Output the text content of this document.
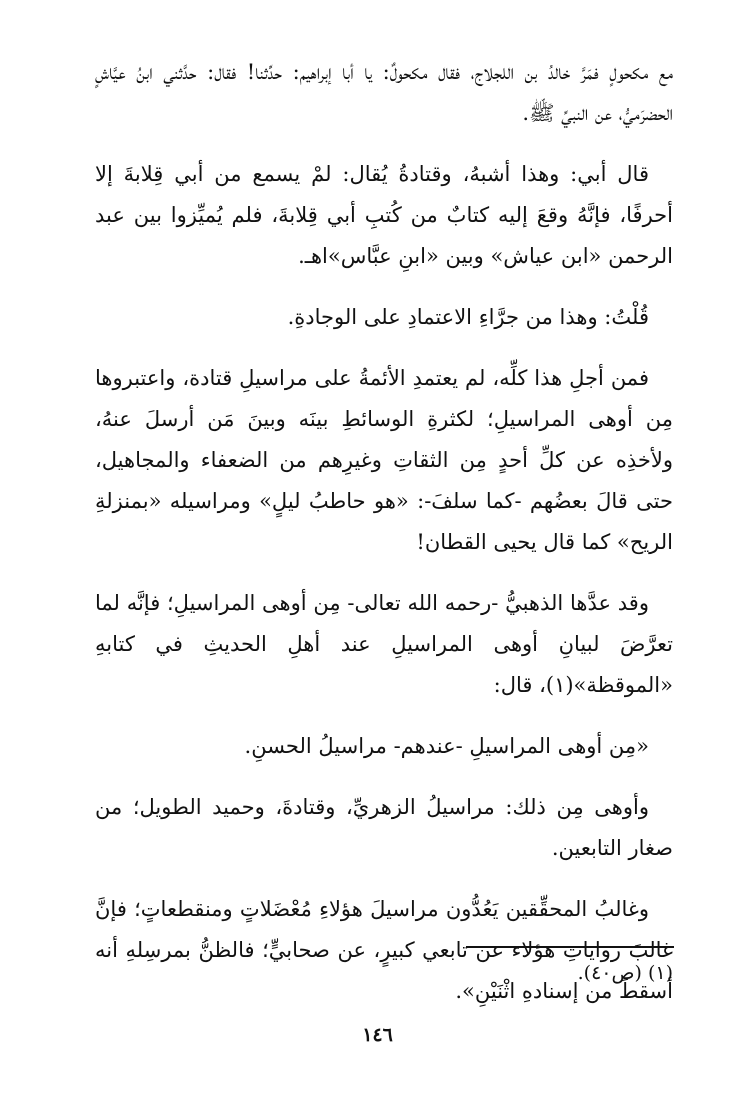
مع مكحولٍ فمَرَّ خالدُ بن اللجلاج، فقال مكحولٌ: يا أبا إبراهيم: حدِّثنا! فقال: حدَّثني ابنُ عيَّاشٍ الحضرَميُّ، عن النبيِّ ﷺ.

قال أبي: وهذا أشبهُ، وقتادةُ يُقال: لمْ يسمع من أبي قِلابةَ إلا أحرفًا، فإنَّهُ وقعَ إليه كتابٌ من كُتبِ أبي قِلابةَ، فلم يُميِّزوا بين عبد الرحمن «ابن عياش» وبين «ابنِ عبَّاس»اهـ.

قُلْتُ: وهذا من جرَّاءِ الاعتمادِ على الوجادةِ.

فمن أجلِ هذا كلِّه، لم يعتمدِ الأئمةُ على مراسيلِ قتادة، واعتبروها مِن أوهى المراسيلِ؛ لكثرةِ الوسائطِ بينَه وبينَ مَن أرسلَ عنهُ، ولأخذِه عن كلِّ أحدٍ مِن الثقاتِ وغيرِهم من الضعفاء والمجاهيل، حتى قالَ بعضُهم -كما سلفَ-: «هو حاطبُ ليلٍ» ومراسيله «بمنزلةِ الريح» كما قال يحيى القطان!

وقد عدَّها الذهبيُّ -رحمه الله تعالى- مِن أوهى المراسيلِ؛ فإنَّه لما تعرَّضَ لبيانِ أوهى المراسيلِ عند أهلِ الحديثِ في كتابهِ «الموقظة»(١)، قال:

«مِن أوهى المراسيلِ -عندهم- مراسيلُ الحسنِ.

وأوهى مِن ذلك: مراسيلُ الزهريِّ، وقتادةَ، وحميد الطويل؛ من صغار التابعين.

وغالبُ المحقِّقين يَعُدُّون مراسيلَ هؤلاءِ مُعْضَلاتٍ ومنقطعاتٍ؛ فإنَّ غالبَ رواياتِ هؤلاء عن تابعي كبيرٍ، عن صحابيٍّ؛ فالظنُّ بمرسِلهِ أنه أسقطَ من إسنادهِ اثْنَيْنِ».

(١) (ص٤٠).
١٤٦
